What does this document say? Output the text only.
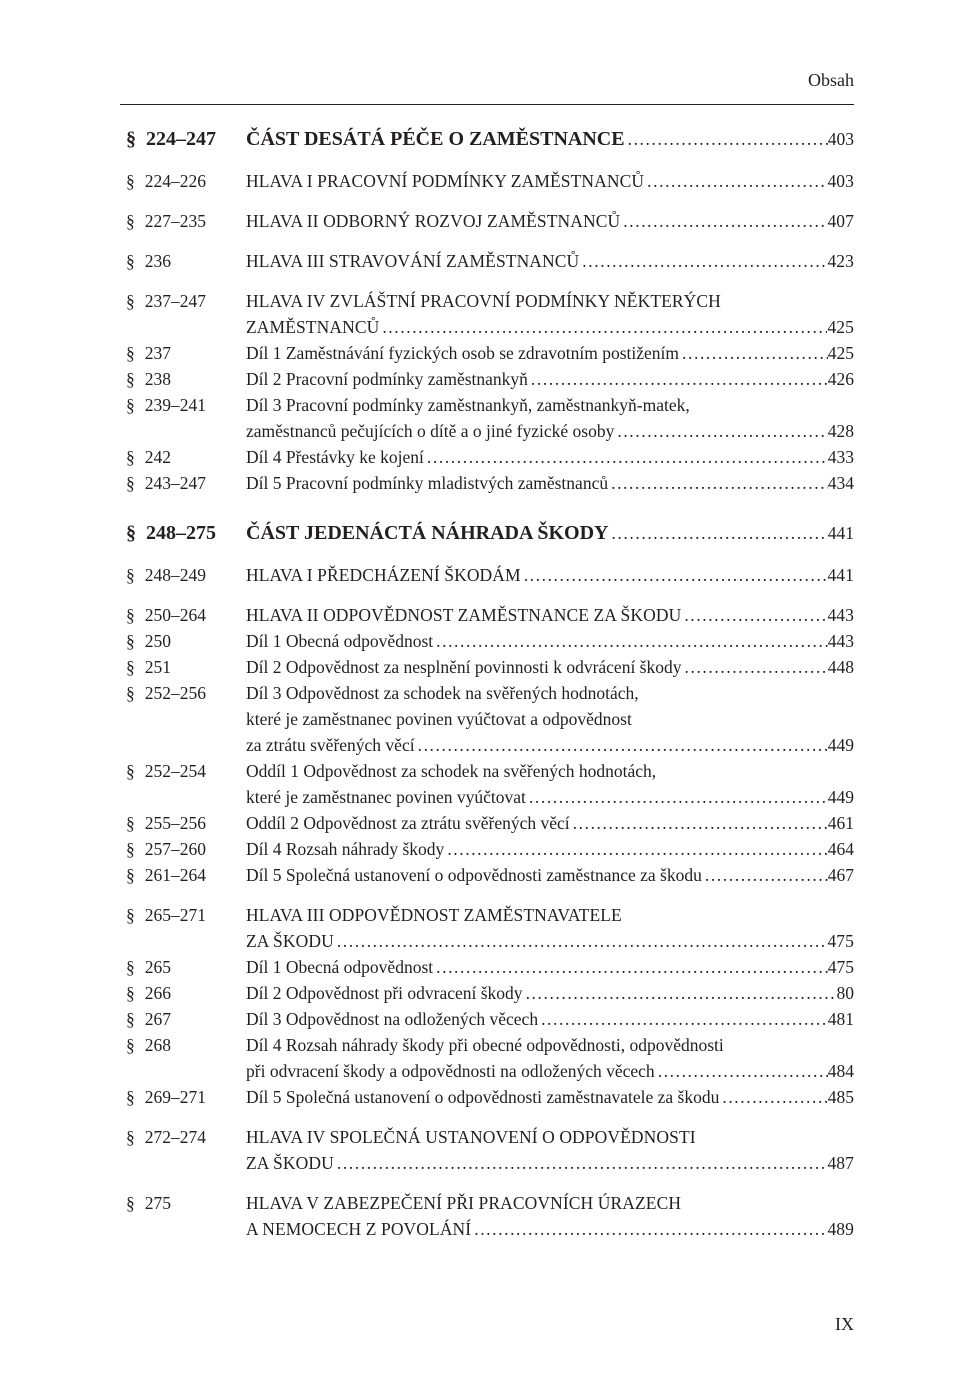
Obsah
§ 224–247	ČÁST DESÁTÁ PÉČE O ZAMĚSTNANCE .....	403
§ 224–226	HLAVA I PRACOVNÍ PODMÍNKY ZAMĚSTNANCŮ .....	403
§ 227–235	HLAVA II ODBORNÝ ROZVOJ ZAMĚSTNANCŮ .....	407
§ 236	HLAVA III STRAVOVÁNÍ ZAMĚSTNANCŮ .....	423
§ 237–247	HLAVA IV ZVLÁŠTNÍ PRACOVNÍ PODMÍNKY NĚKTERÝCH
ZAMĚSTNANCŮ .....	425
§ 237	Díl 1 Zaměstnávání fyzických osob se zdravotním postižením .....	425
§ 238	Díl 2 Pracovní podmínky zaměstnankyň .....	426
§ 239–241	Díl 3 Pracovní podmínky zaměstnankyň, zaměstnankyň-matek,
zaměstnanců pečujících o dítě a o jiné fyzické osoby .....	428
§ 242	Díl 4 Přestávky ke kojení .....	433
§ 243–247	Díl 5 Pracovní podmínky mladistvých zaměstnanců .....	434
§ 248–275	ČÁST JEDENÁCTÁ NÁHRADA ŠKODY .....	441
§ 248–249	HLAVA I PŘEDCHÁZENÍ ŠKODÁM .....	441
§ 250–264	HLAVA II ODPOVĚDNOST ZAMĚSTNANCE ZA ŠKODU .....	443
§ 250	Díl 1 Obecná odpovědnost .....	443
§ 251	Díl 2 Odpovědnost za nesplnění povinnosti k odvrácení škody .....	448
§ 252–256	Díl 3 Odpovědnost za schodek na svěřených hodnotách,
které je zaměstnanec povinen vyúčtovat a odpovědnost
za ztrátu svěřených věcí .....	449
§ 252–254	Oddíl 1 Odpovědnost za schodek na svěřených hodnotách,
které je zaměstnanec povinen vyúčtovat .....	449
§ 255–256	Oddíl 2 Odpovědnost za ztrátu svěřených věcí .....	461
§ 257–260	Díl 4 Rozsah náhrady škody .....	464
§ 261–264	Díl 5 Společná ustanovení o odpovědnosti zaměstnance za škodu .....	467
§ 265–271	HLAVA III ODPOVĚDNOST ZAMĚSTNAVATELE
ZA ŠKODU .....	475
§ 265	Díl 1 Obecná odpovědnost .....	475
§ 266	Díl 2 Odpovědnost při odvracení škody .....	80
§ 267	Díl 3 Odpovědnost na odložených věcech .....	481
§ 268	Díl 4 Rozsah náhrady škody při obecné odpovědnosti, odpovědnosti
při odvracení škody a odpovědnosti na odložených věcech .....	484
§ 269–271	Díl 5 Společná ustanovení o odpovědnosti zaměstnavatele za škodu .....	485
§ 272–274	HLAVA IV SPOLEČNÁ USTANOVENÍ O ODPOVĚDNOSTI
ZA ŠKODU .....	487
§ 275	HLAVA V ZABEZPEČENÍ PŘI PRACOVNÍCH ÚRAZECH
A NEMOCECH Z POVOLÁNÍ .....	489
IX
